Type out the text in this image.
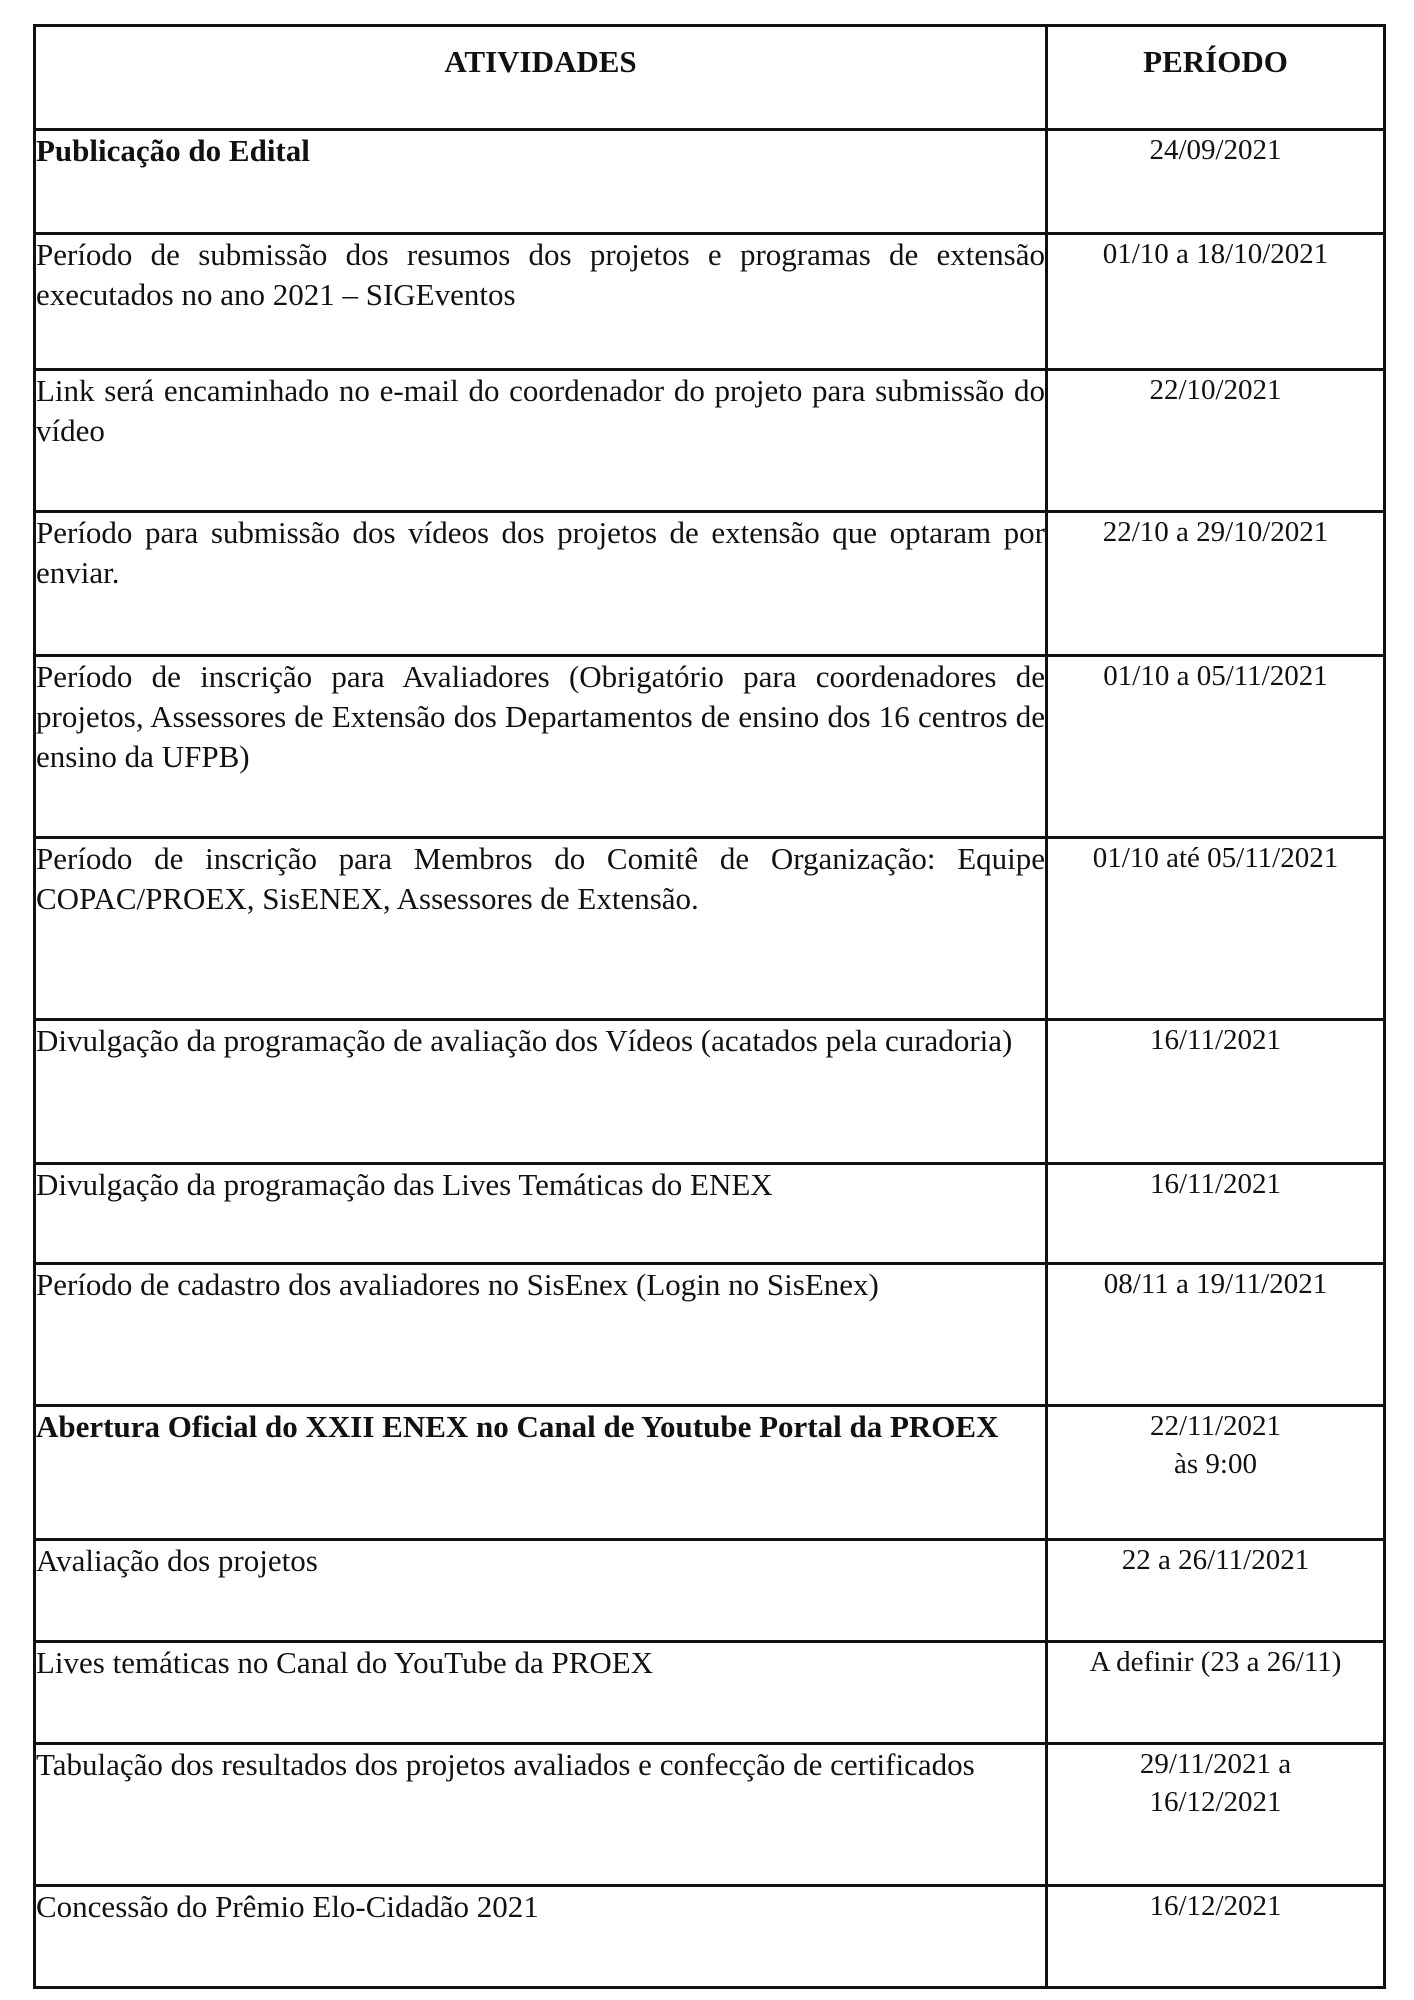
ATIVIDADES	PERÍODO

Publicação do Edital	24/09/2021

Período de submissão dos resumos dos projetos e programas de extensão executados no ano 2021 – SIGEventos	01/10 a 18/10/2021

Link será encaminhado no e-mail do coordenador do projeto para submissão do vídeo	22/10/2021

Período para submissão dos vídeos dos projetos de extensão que optaram por enviar.	22/10 a 29/10/2021

Período de inscrição para Avaliadores (Obrigatório para coordenadores de projetos, Assessores de Extensão dos Departamentos de ensino dos 16 centros de ensino da UFPB)	01/10 a 05/11/2021

Período de inscrição para Membros do Comitê de Organização: Equipe COPAC/PROEX, SisENEX, Assessores de Extensão.	01/10 até 05/11/2021

Divulgação da programação de avaliação dos Vídeos (acatados pela curadoria)	16/11/2021

Divulgação da programação das Lives Temáticas do ENEX	16/11/2021

Período de cadastro dos avaliadores no SisEnex (Login no SisEnex)	08/11 a 19/11/2021

Abertura Oficial do XXII ENEX no Canal de Youtube Portal da PROEX	22/11/2021
às 9:00

Avaliação dos projetos	22 a 26/11/2021

Lives temáticas no Canal do YouTube da PROEX	A definir (23 a 26/11)

Tabulação dos resultados dos projetos avaliados e confecção de certificados	29/11/2021 a
16/12/2021

Concessão do Prêmio Elo-Cidadão 2021	16/12/2021
